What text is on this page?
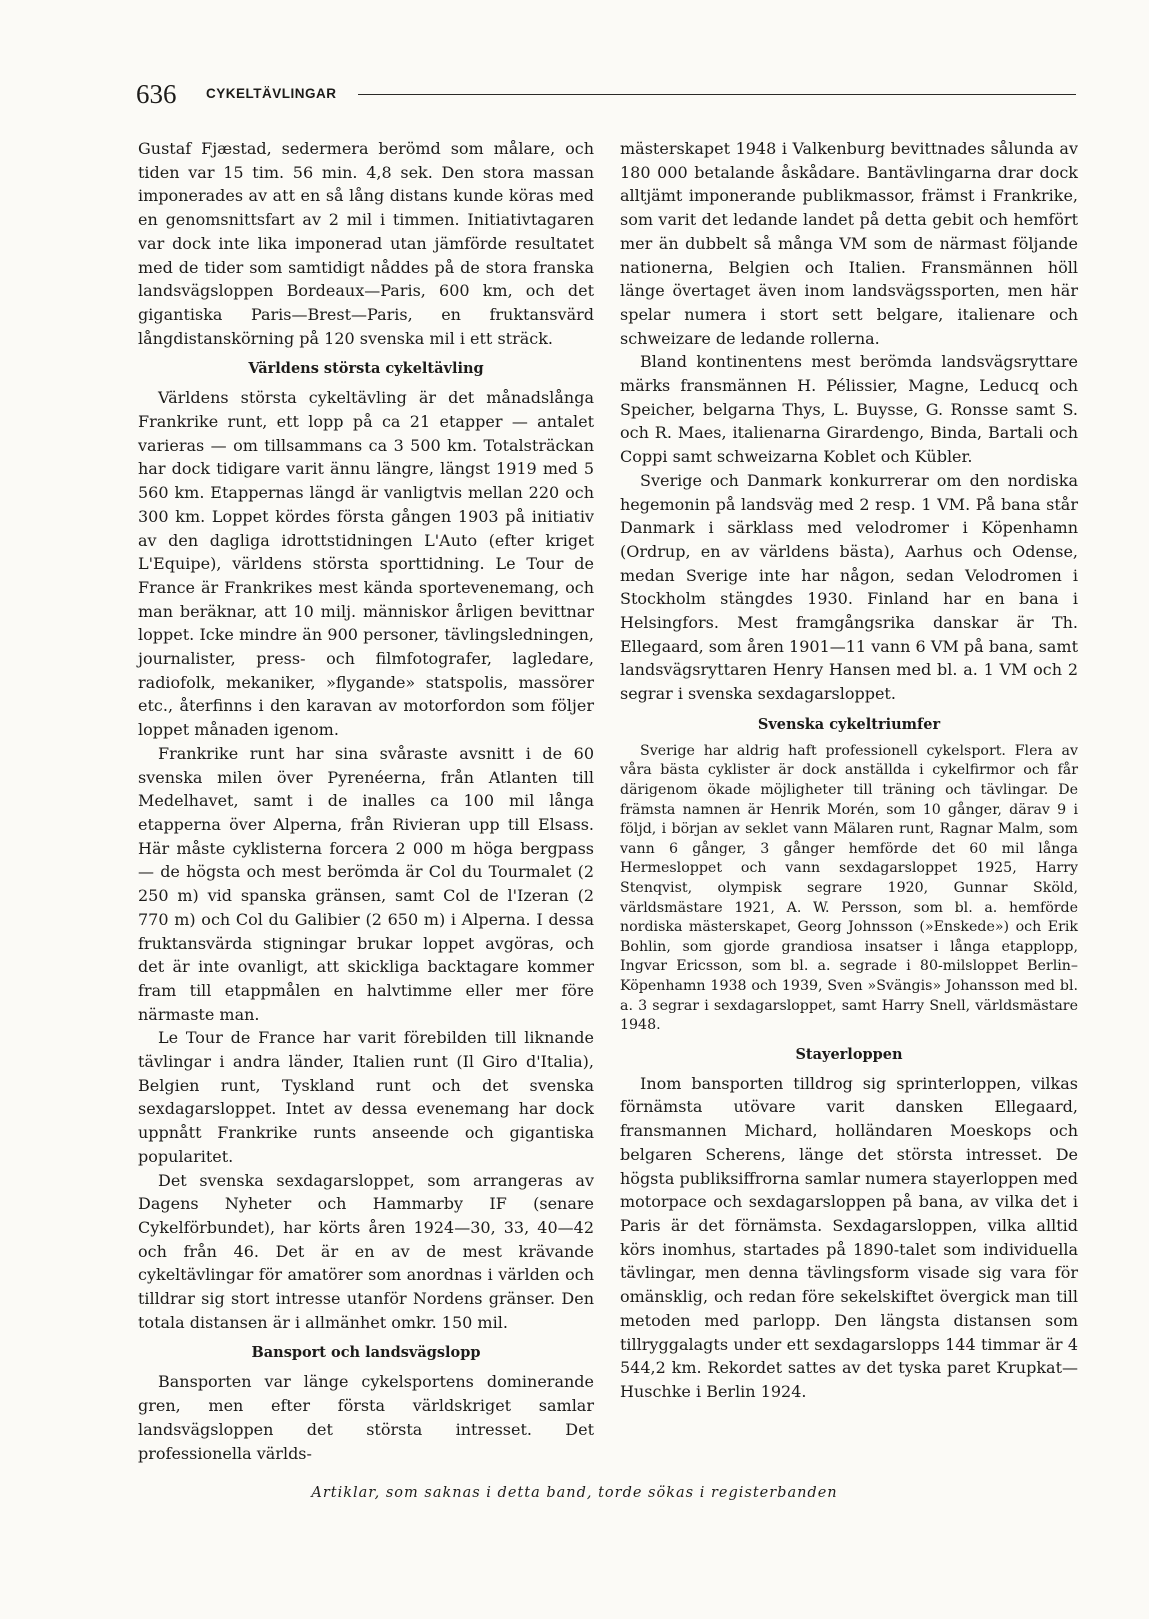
636 CYKELTÄVLINGAR

Gustaf Fjæstad, sedermera berömd som målare, och tiden var 15 tim. 56 min. 4,8 sek. Den stora massan imponerades av att en så lång distans kunde köras med en genomsnittsfart av 2 mil i timmen. Initiativtagaren var dock inte lika imponerad utan jämförde resultatet med de tider som samtidigt nåddes på de stora franska landsvägsloppen Bordeaux—Paris, 600 km, och det gigantiska Paris—Brest—Paris, en fruktansvärd långdistanskörning på 120 svenska mil i ett sträck.

Världens största cykeltävling

Världens största cykeltävling är det månadslånga Frankrike runt, ett lopp på ca 21 etapper — antalet varieras — om tillsammans ca 3 500 km. Totalsträckan har dock tidigare varit ännu längre, längst 1919 med 5 560 km. Etappernas längd är vanligtvis mellan 220 och 300 km. Loppet kördes första gången 1903 på initiativ av den dagliga idrottstidningen L'Auto (efter kriget L'Equipe), världens största sporttidning. Le Tour de France är Frankrikes mest kända sportevenemang, och man beräknar, att 10 milj. människor årligen bevittnar loppet. Icke mindre än 900 personer, tävlingsledningen, journalister, press- och filmfotografer, lagledare, radiofolk, mekaniker, »flygande» statspolis, massörer etc., återfinns i den karavan av motorfordon som följer loppet månaden igenom.

Frankrike runt har sina svåraste avsnitt i de 60 svenska milen över Pyrenéerna, från Atlanten till Medelhavet, samt i de inalles ca 100 mil långa etapperna över Alperna, från Rivieran upp till Elsass. Här måste cyklisterna forcera 2 000 m höga bergpass — de högsta och mest berömda är Col du Tourmalet (2 250 m) vid spanska gränsen, samt Col de l'Izeran (2 770 m) och Col du Galibier (2 650 m) i Alperna. I dessa fruktansvärda stigningar brukar loppet avgöras, och det är inte ovanligt, att skickliga backtagare kommer fram till etappmålen en halvtimme eller mer före närmaste man.

Le Tour de France har varit förebilden till liknande tävlingar i andra länder, Italien runt (Il Giro d'Italia), Belgien runt, Tyskland runt och det svenska sexdagarsloppet. Intet av dessa evenemang har dock uppnått Frankrike runts anseende och gigantiska popularitet.

Det svenska sexdagarsloppet, som arrangeras av Dagens Nyheter och Hammarby IF (senare Cykelförbundet), har körts åren 1924—30, 33, 40—42 och från 46. Det är en av de mest krävande cykeltävlingar för amatörer som anordnas i världen och tilldrar sig stort intresse utanför Nordens gränser. Den totala distansen är i allmänhet omkr. 150 mil.

Bansport och landsvägslopp

Bansporten var länge cykelsportens dominerande gren, men efter första världskriget samlar landsvägsloppen det största intresset. Det professionella världs-

mästerskapet 1948 i Valkenburg bevittnades sålunda av 180 000 betalande åskådare. Bantävlingarna drar dock alltjämt imponerande publikmassor, främst i Frankrike, som varit det ledande landet på detta gebit och hemfört mer än dubbelt så många VM som de närmast följande nationerna, Belgien och Italien. Fransmännen höll länge övertaget även inom landsvägssporten, men här spelar numera i stort sett belgare, italienare och schweizare de ledande rollerna.

Bland kontinentens mest berömda landsvägsryttare märks fransmännen H. Pélissier, Magne, Leducq och Speicher, belgarna Thys, L. Buysse, G. Ronsse samt S. och R. Maes, italienarna Girardengo, Binda, Bartali och Coppi samt schweizarna Koblet och Kübler.

Sverige och Danmark konkurrerar om den nordiska hegemonin på landsväg med 2 resp. 1 VM. På bana står Danmark i särklass med velodromer i Köpenhamn (Ordrup, en av världens bästa), Aarhus och Odense, medan Sverige inte har någon, sedan Velodromen i Stockholm stängdes 1930. Finland har en bana i Helsingfors. Mest framgångsrika danskar är Th. Ellegaard, som åren 1901—11 vann 6 VM på bana, samt landsvägsryttaren Henry Hansen med bl. a. 1 VM och 2 segrar i svenska sexdagarsloppet.

Svenska cykeltriumfer

Sverige har aldrig haft professionell cykelsport. Flera av våra bästa cyklister är dock anställda i cykelfirmor och får därigenom ökade möjligheter till träning och tävlingar. De främsta namnen är Henrik Morén, som 10 gånger, därav 9 i följd, i början av seklet vann Mälaren runt, Ragnar Malm, som vann 6 gånger, 3 gånger hemförde det 60 mil långa Hermesloppet och vann sexdagarsloppet 1925, Harry Stenqvist, olympisk segrare 1920, Gunnar Sköld, världsmästare 1921, A. W. Persson, som bl. a. hemförde nordiska mästerskapet, Georg Johnsson (»Enskede») och Erik Bohlin, som gjorde grandiosa insatser i långa etapplopp, Ingvar Ericsson, som bl. a. segrade i 80-milsloppet Berlin–Köpenhamn 1938 och 1939, Sven »Svängis» Johansson med bl. a. 3 segrar i sexdagarsloppet, samt Harry Snell, världsmästare 1948.

Stayerloppen

Inom bansporten tilldrog sig sprinterloppen, vilkas förnämsta utövare varit dansken Ellegaard, fransmannen Michard, holländaren Moeskops och belgaren Scherens, länge det största intresset. De högsta publiksiffrorna samlar numera stayerloppen med motorpace och sexdagarsloppen på bana, av vilka det i Paris är det förnämsta. Sexdagarsloppen, vilka alltid körs inomhus, startades på 1890-talet som individuella tävlingar, men denna tävlingsform visade sig vara för omänsklig, och redan före sekelskiftet övergick man till metoden med parlopp. Den längsta distansen som tillryggalagts under ett sexdagarslopps 144 timmar är 4 544,2 km. Rekordet sattes av det tyska paret Krupkat—Huschke i Berlin 1924.

Artiklar, som saknas i detta band, torde sökas i registerbanden
